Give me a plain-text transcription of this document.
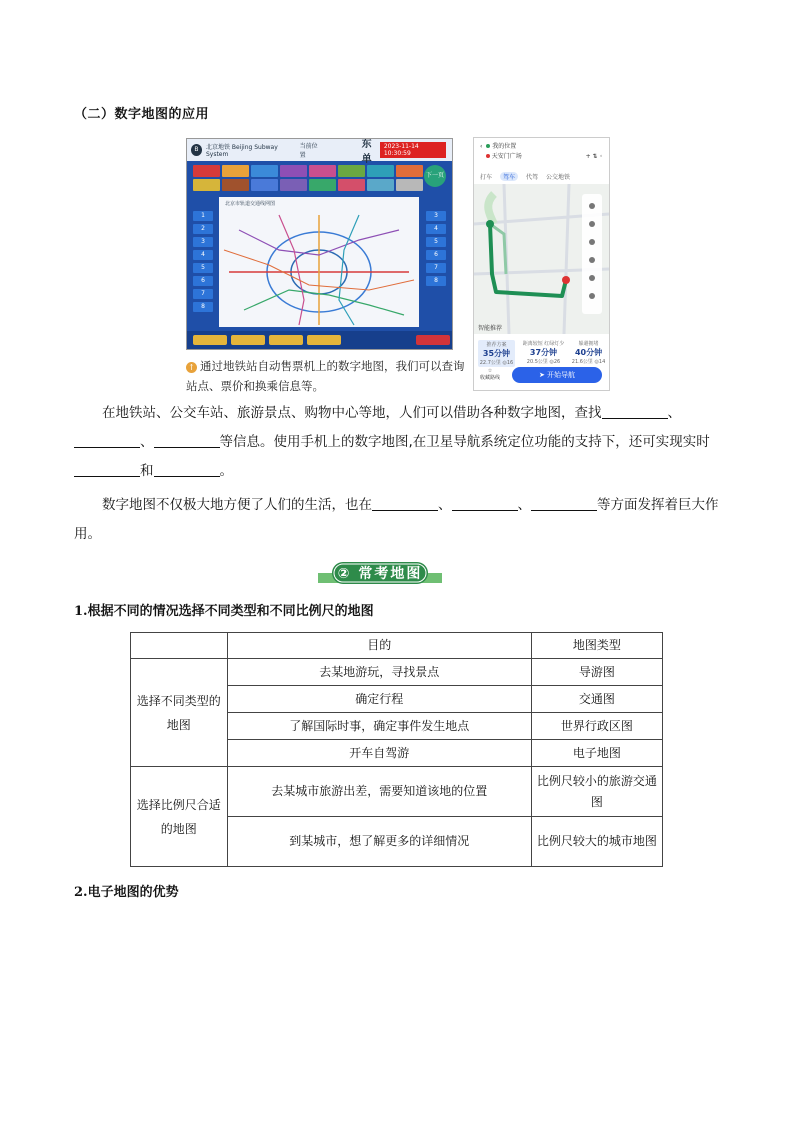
（二）数字地图的应用
B	北京地铁 Beijing Subway System
当前位置
东单
2023-11-14 10:30:59
下一页
1
2
3
4
5
6
7
8
3
4
5
6
7
8
北京市轨道交通线网图
‹  我的位置
天安门广场	+ ⇅ ◦
打车	驾车	代驾 公交地铁
智能推荐
推荐方案
35分钟
22.7公里 ◎16
距离较短 红绿灯少
37分钟
20.5公里 ◎26
躲避拥堵
40分钟
21.6公里 ◎14
☆
收藏路线	➤ 开始导航
↑ 通过地铁站自动售票机上的数字地图，我们可以查询站点、票价和换乘信息等。
在地铁站、公交车站、旅游景点、购物中心等地，人们可以借助各种数字地图，查找	、、	等信息。使用手机上的数字地图,在卫星导航系统定位功能的支持下，还可实现实时和	。
数字地图不仅极大地方便了人们的生活，也在	、	、	等方面发挥着巨大作用。
② 常考地图
1.根据不同的情况选择不同类型和不同比例尺的地图
	目的	地图类型
选择不同类型的地图	去某地游玩，寻找景点	导游图
	确定行程	交通图
	了解国际时事，确定事件发生地点	世界行政区图
	开车自驾游	电子地图
选择比例尺合适的地图	去某城市旅游出差，需要知道该地的位置	比例尺较小的旅游交通图
	到某城市，想了解更多的详细情况	比例尺较大的城市地图
2.电子地图的优势
